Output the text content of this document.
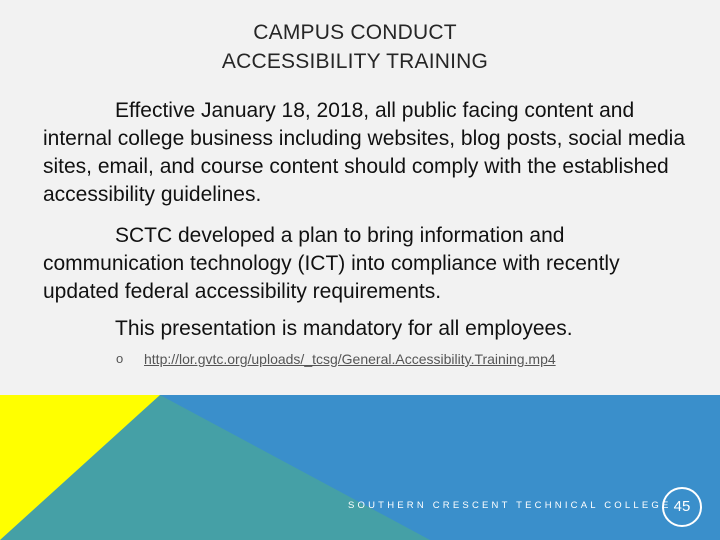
CAMPUS CONDUCT
ACCESSIBILITY TRAINING
Effective January 18, 2018, all public facing content and internal college business including websites, blog posts, social media sites, email, and course content should comply with the established accessibility guidelines.
SCTC developed a plan to bring information and communication technology (ICT) into compliance with recently updated federal accessibility requirements.
This presentation is mandatory for all employees.
o	http://lor.gvtc.org/uploads/_tcsg/General.Accessibility.Training.mp4
SOUTHERN CRESCENT TECHNICAL COLLEGE 45
